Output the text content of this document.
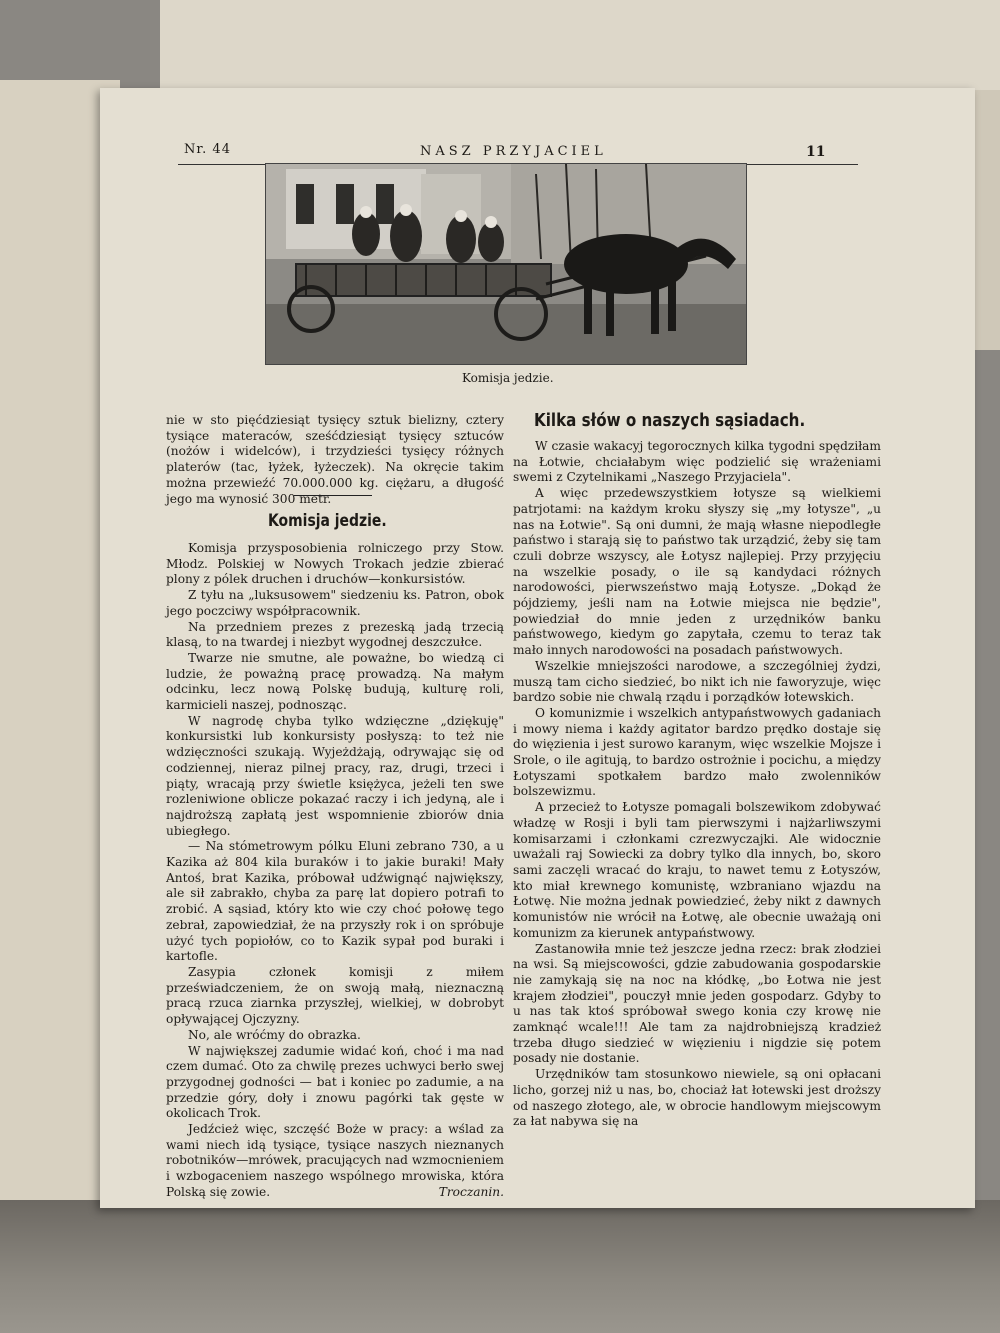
Nr. 44	NASZ PRZYJACIEL	11
Komisja jedzie.

nie w sto pięćdziesiąt tysięcy sztuk bielizny, cztery tysiące materaców, sześćdziesiąt tysięcy sztuców (nożów i widelców), i trzydzieści tysięcy różnych platerów (tac, łyżek, łyżeczek). Na okręcie takim można przewieźć 70.000.000 kg. ciężaru, a długość jego ma wynosić 300 metr.

Komisja jedzie.

Komisja przysposobienia rolniczego przy Stow. Młodz. Polskiej w Nowych Trokach jedzie zbierać plony z pólek druchen i druchów—konkursistów.

Z tyłu na „luksusowem" siedzeniu ks. Patron, obok jego poczciwy współpracownik.

Na przedniem prezes z prezeską jadą trzecią klasą, to na twardej i niezbyt wygodnej deszczułce.

Twarze nie smutne, ale poważne, bo wiedzą ci ludzie, że poważną pracę prowadzą. Na małym odcinku, lecz nową Polskę budują, kulturę roli, karmicieli naszej, podnosząc.

W nagrodę chyba tylko wdzięczne „dziękuję" konkursistki lub konkursisty posłyszą: to też nie wdzięczności szukają. Wyjeżdżają, odrywając się od codziennej, nieraz pilnej pracy, raz, drugi, trzeci i piąty, wracają przy świetle księżyca, jeżeli ten swe rozleniwione oblicze pokazać raczy i ich jedyną, ale i najdroższą zapłatą jest wspomnienie zbiorów dnia ubiegłego.

— Na stómetrowym pólku Eluni zebrano 730, a u Kazika aż 804 kila buraków i to jakie buraki! Mały Antoś, brat Kazika, próbował udźwignąć największy, ale sił zabrakło, chyba za parę lat dopiero potrafi to zrobić. A sąsiad, który kto wie czy choć połowę tego zebrał, zapowiedział, że na przyszły rok i on spróbuje użyć tych popiołów, co to Kazik sypał pod buraki i kartofle.

Zasypia członek komisji z miłem przeświadczeniem, że on swoją małą, nieznaczną pracą rzuca ziarnka przyszłej, wielkiej, w dobrobyt opływającej Ojczyzny.

No, ale wróćmy do obrazka.

W największej zadumie widać koń, choć i ma nad czem dumać. Oto za chwilę prezes uchwyci berło swej przygodnej godności — bat i koniec po zadumie, a na przedzie góry, doły i znowu pagórki tak gęste w okolicach Trok.

Jedźcież więc, szczęść Boże w pracy: a wślad za wami niech idą tysiące, tysiące naszych nieznanych robotników—mrówek, pracujących nad wzmocnieniem i wzbogaceniem naszego wspólnego mrowiska, która Polską się zowie.	Troczanin.

Kilka słów o naszych sąsiadach.

W czasie wakacyj tegorocznych kilka tygodni spędziłam na Łotwie, chciałabym więc podzielić się wrażeniami swemi z Czytelnikami „Naszego Przyjaciela".

A więc przedewszystkiem łotysze są wielkiemi patrjotami: na każdym kroku słyszy się „my łotysze", „u nas na Łotwie". Są oni dumni, że mają własne niepodległe państwo i starają się to państwo tak urządzić, żeby się tam czuli dobrze wszyscy, ale Łotysz najlepiej. Przy przyjęciu na wszelkie posady, o ile są kandydaci różnych narodowości, pierwszeństwo mają Łotysze. „Dokąd że pójdziemy, jeśli nam na Łotwie miejsca nie będzie", powiedział do mnie jeden z urzędników banku państwowego, kiedym go zapytała, czemu to teraz tak mało innych narodowości na posadach państwowych.

Wszelkie mniejszości narodowe, a szczególniej żydzi, muszą tam cicho siedzieć, bo nikt ich nie faworyzuje, więc bardzo sobie nie chwalą rządu i porządków łotewskich.

O komunizmie i wszelkich antypaństwowych gadaniach i mowy niema i każdy agitator bardzo prędko dostaje się do więzienia i jest surowo karanym, więc wszelkie Mojsze i Srole, o ile agitują, to bardzo ostrożnie i pocichu, a między Łotyszami spotkałem bardzo mało zwolenników bolszewizmu.

A przecież to Łotysze pomagali bolszewikom zdobywać władzę w Rosji i byli tam pierwszymi i najżarliwszymi komisarzami i członkami czrezwyczajki. Ale widocznie uważali raj Sowiecki za dobry tylko dla innych, bo, skoro sami zaczęli wracać do kraju, to nawet temu z Łotyszów, kto miał krewnego komunistę, wzbraniano wjazdu na Łotwę. Nie można jednak powiedzieć, żeby nikt z dawnych komunistów nie wrócił na Łotwę, ale obecnie uważają oni komunizm za kierunek antypaństwowy.

Zastanowiła mnie też jeszcze jedna rzecz: brak złodziei na wsi. Są miejscowości, gdzie zabudowania gospodarskie nie zamykają się na noc na kłódkę, „bo Łotwa nie jest krajem złodziei", pouczył mnie jeden gospodarz. Gdyby to u nas tak ktoś spróbował swego konia czy krowę nie zamknąć wcale!!! Ale tam za najdrobniejszą kradzież trzeba długo siedzieć w więzieniu i nigdzie się potem posady nie dostanie.

Urzędników tam stosunkowo niewiele, są oni opłacani licho, gorzej niż u nas, bo, chociaż łat łotewski jest droższy od naszego złotego, ale, w obrocie handlowym miejscowym za łat nabywa się na
